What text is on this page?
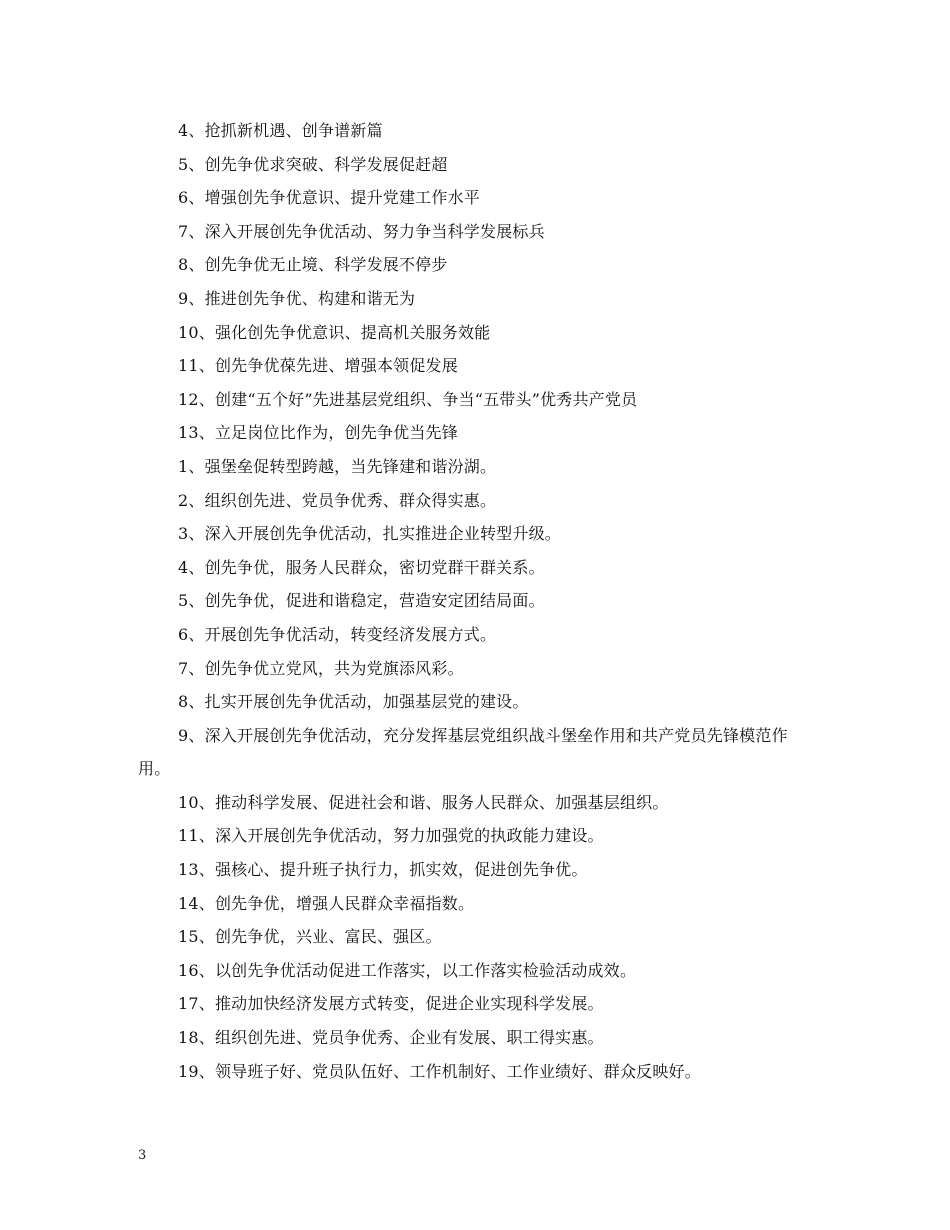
4、抢抓新机遇、创争谱新篇
5、创先争优求突破、科学发展促赶超
6、增强创先争优意识、提升党建工作水平
7、深入开展创先争优活动、努力争当科学发展标兵
8、创先争优无止境、科学发展不停步
9、推进创先争优、构建和谐无为
10、强化创先争优意识、提高机关服务效能
11、创先争优葆先进、增强本领促发展
12、创建“五个好”先进基层党组织、争当“五带头”优秀共产党员
13、立足岗位比作为，创先争优当先锋
1、强堡垒促转型跨越，当先锋建和谐汾湖。
2、组织创先进、党员争优秀、群众得实惠。
3、深入开展创先争优活动，扎实推进企业转型升级。
4、创先争优，服务人民群众，密切党群干群关系。
5、创先争优，促进和谐稳定，营造安定团结局面。
6、开展创先争优活动，转变经济发展方式。
7、创先争优立党风，共为党旗添风彩。
8、扎实开展创先争优活动，加强基层党的建设。
9、深入开展创先争优活动，充分发挥基层党组织战斗堡垒作用和共产党员先锋模范作用。
10、推动科学发展、促进社会和谐、服务人民群众、加强基层组织。
11、深入开展创先争优活动，努力加强党的执政能力建设。
13、强核心、提升班子执行力，抓实效，促进创先争优。
14、创先争优，增强人民群众幸福指数。
15、创先争优，兴业、富民、强区。
16、以创先争优活动促进工作落实，以工作落实检验活动成效。
17、推动加快经济发展方式转变，促进企业实现科学发展。
18、组织创先进、党员争优秀、企业有发展、职工得实惠。
19、领导班子好、党员队伍好、工作机制好、工作业绩好、群众反映好。
3
